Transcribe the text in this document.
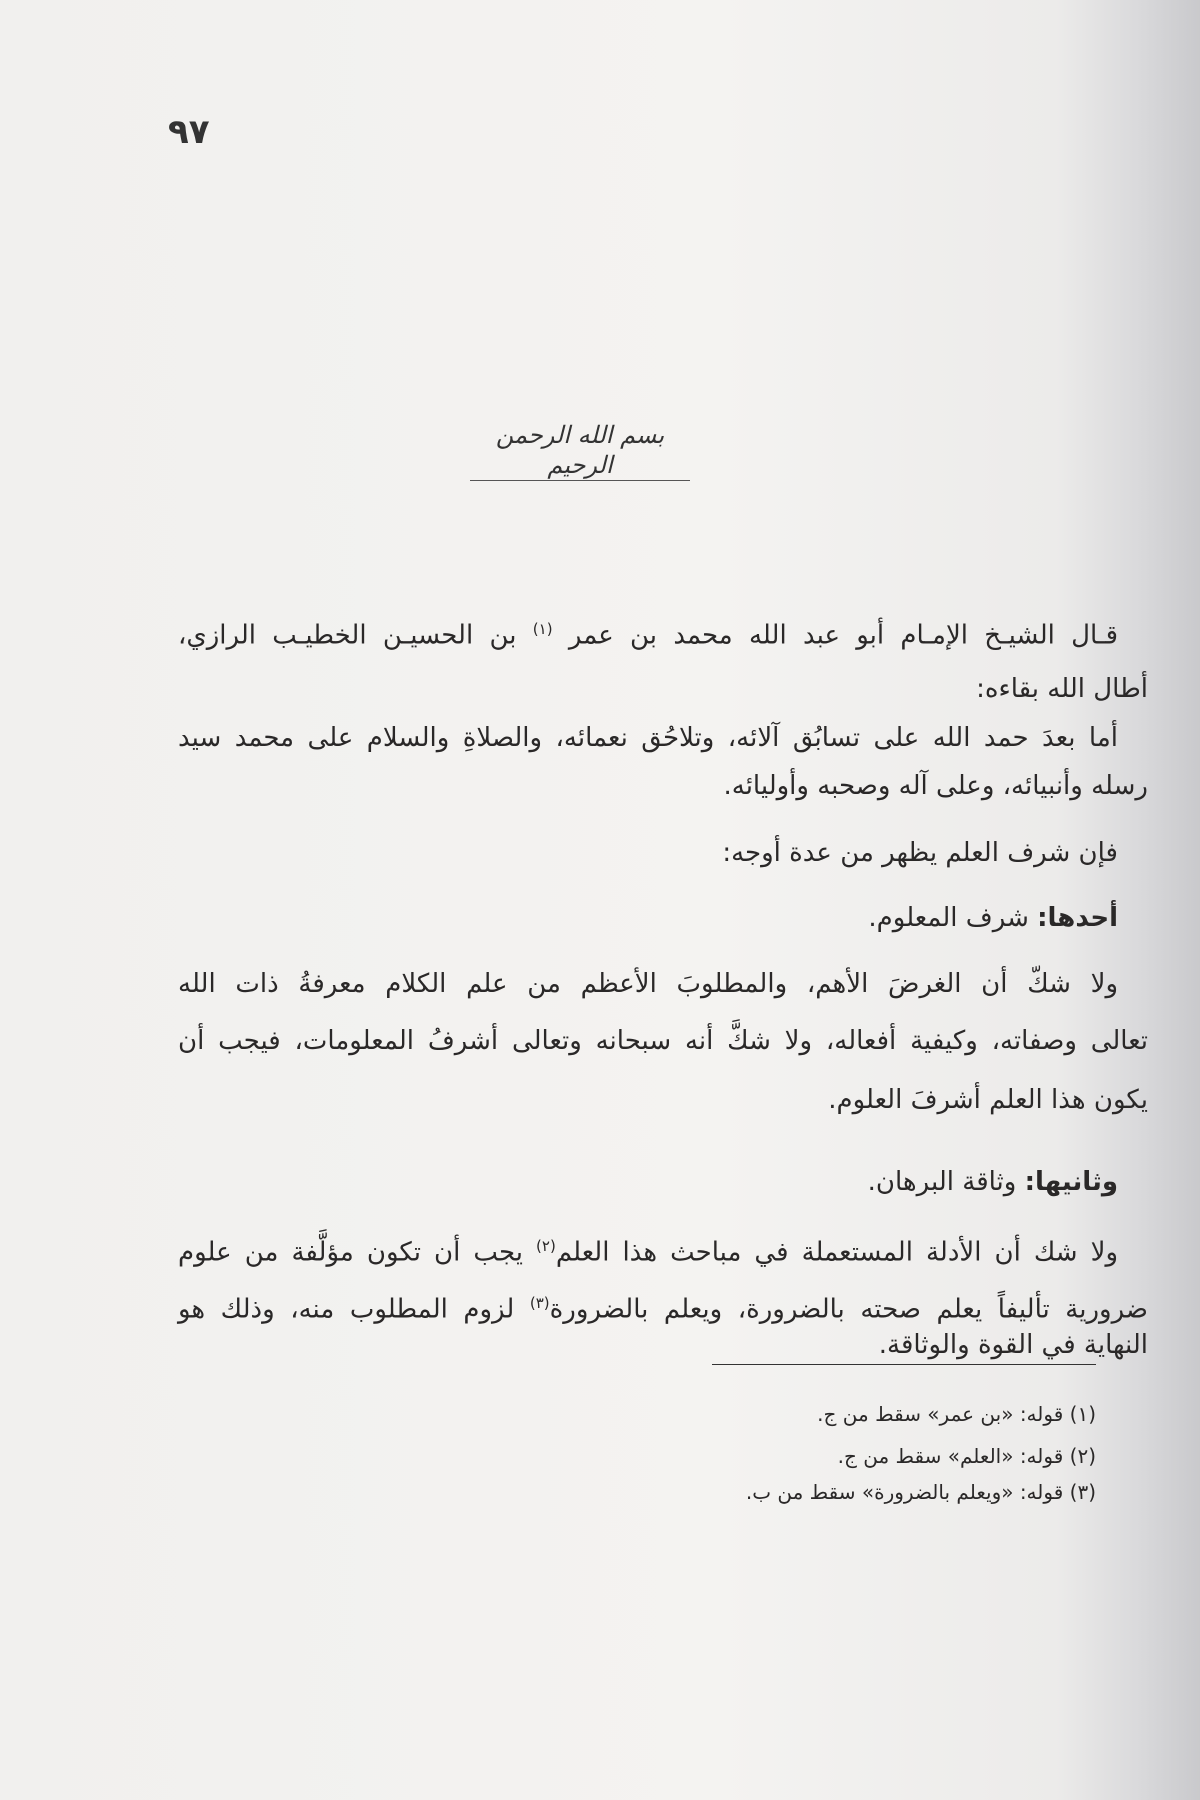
٩٧
بسم الله الرحمن الرحيم
قـال الشيـخ الإمـام أبو عبد الله محمد بن عمر $^{(١)}$ بن الحسيـن الخطيـب الرازي،
أطال الله بقاءه:
أما بعدَ حمد الله على تسابُق آلائه، وتلاحُق نعمائه، والصلاةِ والسلام على محمد سيد
رسله وأنبيائه، وعلى آله وصحبه وأوليائه.
فإن شرف العلم يظهر من عدة أوجه:
أحدها: شرف المعلوم.
ولا شكّ أن الغرضَ الأهم، والمطلوبَ الأعظم من علم الكلام معرفةُ ذات الله
تعالى وصفاته، وكيفية أفعاله، ولا شكَّ أنه سبحانه وتعالى أشرفُ المعلومات، فيجب أن
يكون هذا العلم أشرفَ العلوم.
وثانيها: وثاقة البرهان.
ولا شك أن الأدلة المستعملة في مباحث هذا العلم$^{(٢)}$ يجب أن تكون مؤلَّفة من علوم
ضرورية تأليفاً يعلم صحته بالضرورة، ويعلم بالضرورة$^{(٣)}$ لزوم المطلوب منه، وذلك هو
النهاية في القوة والوثاقة.
(١) قوله: «بن عمر» سقط من ج.
(٢) قوله: «العلم» سقط من ج.
(٣) قوله: «ويعلم بالضرورة» سقط من ب.
